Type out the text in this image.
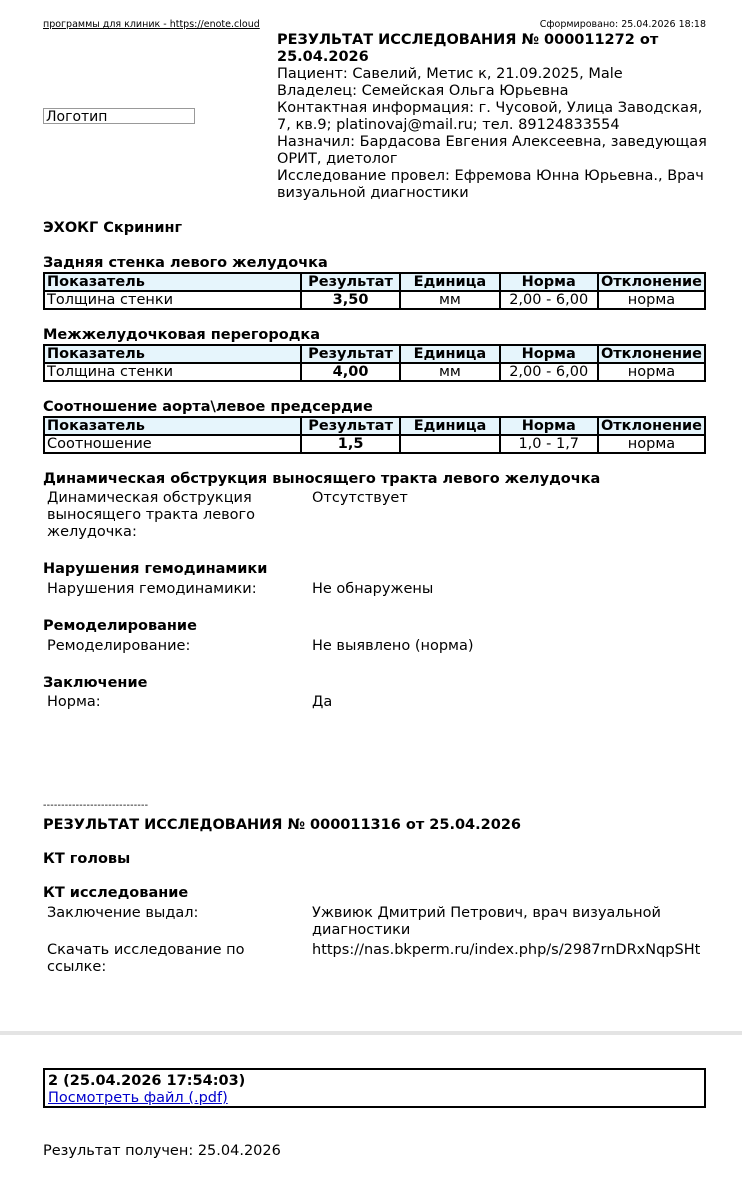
программы для клиник - https://enote.cloud	Сформировано: 25.04.2026 18:18
Логотип
РЕЗУЛЬТАТ ИССЛЕДОВАНИЯ № 000011272 от 25.04.2026
Пациент: Савелий, Метис к, 21.09.2025, Male
Владелец: Семейская Ольга Юрьевна
Контактная информация: г. Чусовой, Улица Заводская, 7, кв.9; platinovaj@mail.ru; тел. 89124833554
Назначил: Бардасова Евгения Алексеевна, заведующая ОРИТ, диетолог
Исследование провел: Ефремова Юнна Юрьевна., Врач визуальной диагностики
ЭХОКГ Скрининг
Задняя стенка левого желудочка
Показатель	Результат	Единица	Норма	Отклонение
Толщина стенки	3,50	мм	2,00 - 6,00	норма
Межжелудочковая перегородка
Показатель	Результат	Единица	Норма	Отклонение
Толщина стенки	4,00	мм	2,00 - 6,00	норма
Соотношение аорта\левое предсердие
Показатель	Результат	Единица	Норма	Отклонение
Соотношение	1,5		1,0 - 1,7	норма
Динамическая обструкция выносящего тракта левого желудочка
Динамическая обструкция выносящего тракта левого желудочка:
Отсутствует
Нарушения гемодинамики
Нарушения гемодинамики:	Не обнаружены
Ремоделирование
Ремоделирование:	Не выявлено (норма)
Заключение
Норма:	Да
-----------------------------
РЕЗУЛЬТАТ ИССЛЕДОВАНИЯ № 000011316 от 25.04.2026
КТ головы
КТ исследование
Заключение выдал:	Ужвиюк Дмитрий Петрович, врач визуальной диагностики
Скачать исследование по ссылке:
https://nas.bkperm.ru/index.php/s/2987rnDRxNqpSHt
2 (25.04.2026 17:54:03)
Посмотреть файл (.pdf)
Результат получен: 25.04.2026
